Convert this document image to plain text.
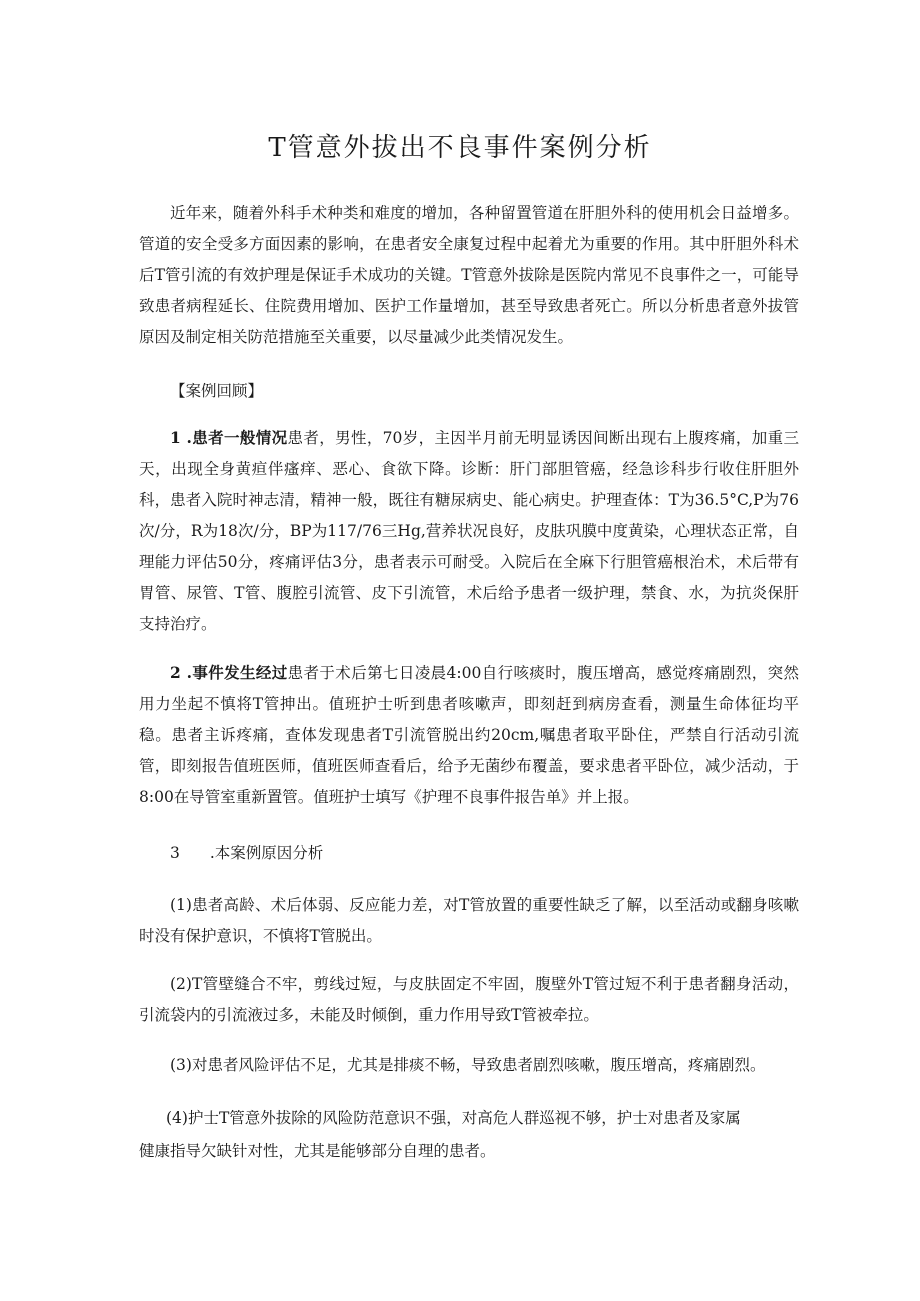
T管意外拔出不良事件案例分析
近年来，随着外科手术种类和难度的增加，各种留置管道在肝胆外科的使用机会日益增多。管道的安全受多方面因素的影响，在患者安全康复过程中起着尤为重要的作用。其中肝胆外科术后T管引流的有效护理是保证手术成功的关键。T管意外拔除是医院内常见不良事件之一，可能导致患者病程延长、住院费用增加、医护工作量增加，甚至导致患者死亡。所以分析患者意外拔管原因及制定相关防范措施至关重要，以尽量减少此类情况发生。
【案例回顾】
1 .患者一般情况患者，男性，70岁，主因半月前无明显诱因间断出现右上腹疼痛，加重三天，出现全身黄疸伴瘙痒、恶心、食欲下降。诊断：肝门部胆管癌，经急诊科步行收住肝胆外科，患者入院时神志清，精神一般，既往有糖尿病史、能心病史。护理查体：T为36.5°C,P为76次/分，R为18次/分，BP为117/76三Hg,营养状况良好，皮肤巩膜中度黄染，心理状态正常，自理能力评估50分，疼痛评估3分，患者表示可耐受。入院后在全麻下行胆管癌根治术，术后带有胃管、尿管、T管、腹腔引流管、皮下引流管，术后给予患者一级护理，禁食、水，为抗炎保肝支持治疗。
2 .事件发生经过患者于术后第七日凌晨4:00自行咳痰时，腹压增高，感觉疼痛剧烈，突然用力坐起不慎将T管抻出。值班护士听到患者咳嗽声，即刻赶到病房查看，测量生命体征均平稳。患者主诉疼痛，查体发现患者T引流管脱出约20cm,嘱患者取平卧住，严禁自行活动引流管，即刻报告值班医师，值班医师查看后，给予无菌纱布覆盖，要求患者平卧位，减少活动，于8:00在导管室重新置管。值班护士填写《护理不良事件报告单》并上报。
3 .本案例原因分析
(1)患者高龄、术后体弱、反应能力差，对T管放置的重要性缺乏了解，以至活动或翻身咳嗽时没有保护意识，不慎将T管脱出。
(2)T管壁缝合不牢，剪线过短，与皮肤固定不牢固，腹壁外T管过短不利于患者翻身活动，引流袋内的引流液过多，未能及时倾倒，重力作用导致T管被牵拉。
(3)对患者风险评估不足，尤其是排痰不畅，导致患者剧烈咳嗽，腹压增高，疼痛剧烈。
(4)护士T管意外拔除的风险防范意识不强，对高危人群巡视不够，护士对患者及家属
健康指导欠缺针对性，尤其是能够部分自理的患者。
